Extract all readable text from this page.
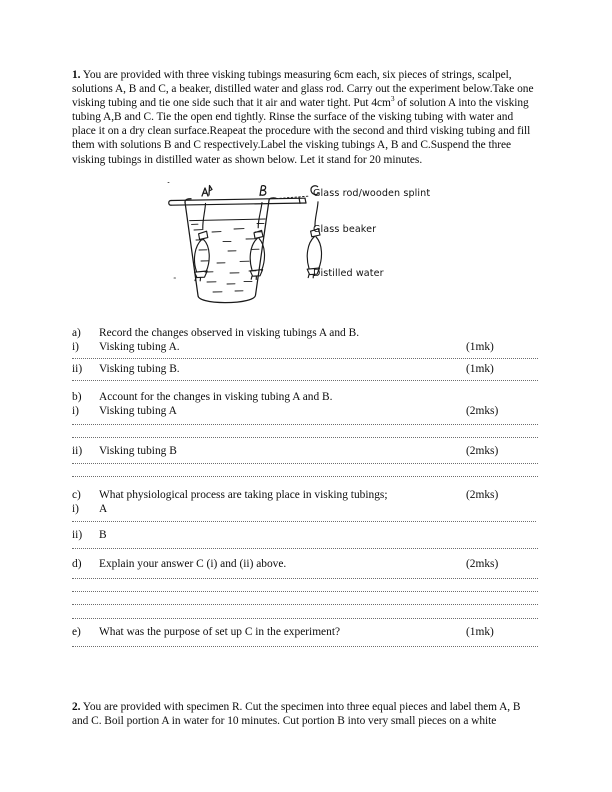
1. You are provided with three visking tubings measuring 6cm each, six pieces of strings, scalpel, solutions A, B and C, a beaker, distilled water and glass rod. Carry out the experiment below.Take one visking tubing and tie one side such that it air and water tight. Put $4cm^3$ of solution A into the visking tubing A,B and C. Tie the open end tightly. Rinse the surface of the visking tubing with water and place it on a dry clean surface.Reapeat the procedure with the second and third visking tubing and fill them with solutions B and C respectively.Label the visking tubings A, B and C.Suspend the three visking tubings in distilled water as shown below. Let it stand for 20 minutes.
Glass rod/wooden splint
Glass beaker
Distilled water
a) Record the changes observed in visking tubings A and B.
i) Visking tubing A.	(1mk)
ii) Visking tubing B.	(1mk)
b) Account for the changes in visking tubing A and B.
i) Visking tubing A	(2mks)
ii) Visking tubing B	(2mks)
c) What physiological process are taking place in visking tubings;	(2mks)
i) A
ii) B
d) Explain your answer C (i) and (ii) above.	(2mks)
e) What was the purpose of set up C in the experiment?	(1mk)
2. You are provided with specimen R. Cut the specimen into three equal pieces and label them A, B and C. Boil portion A in water for 10 minutes. Cut portion B into very small pieces on a white
